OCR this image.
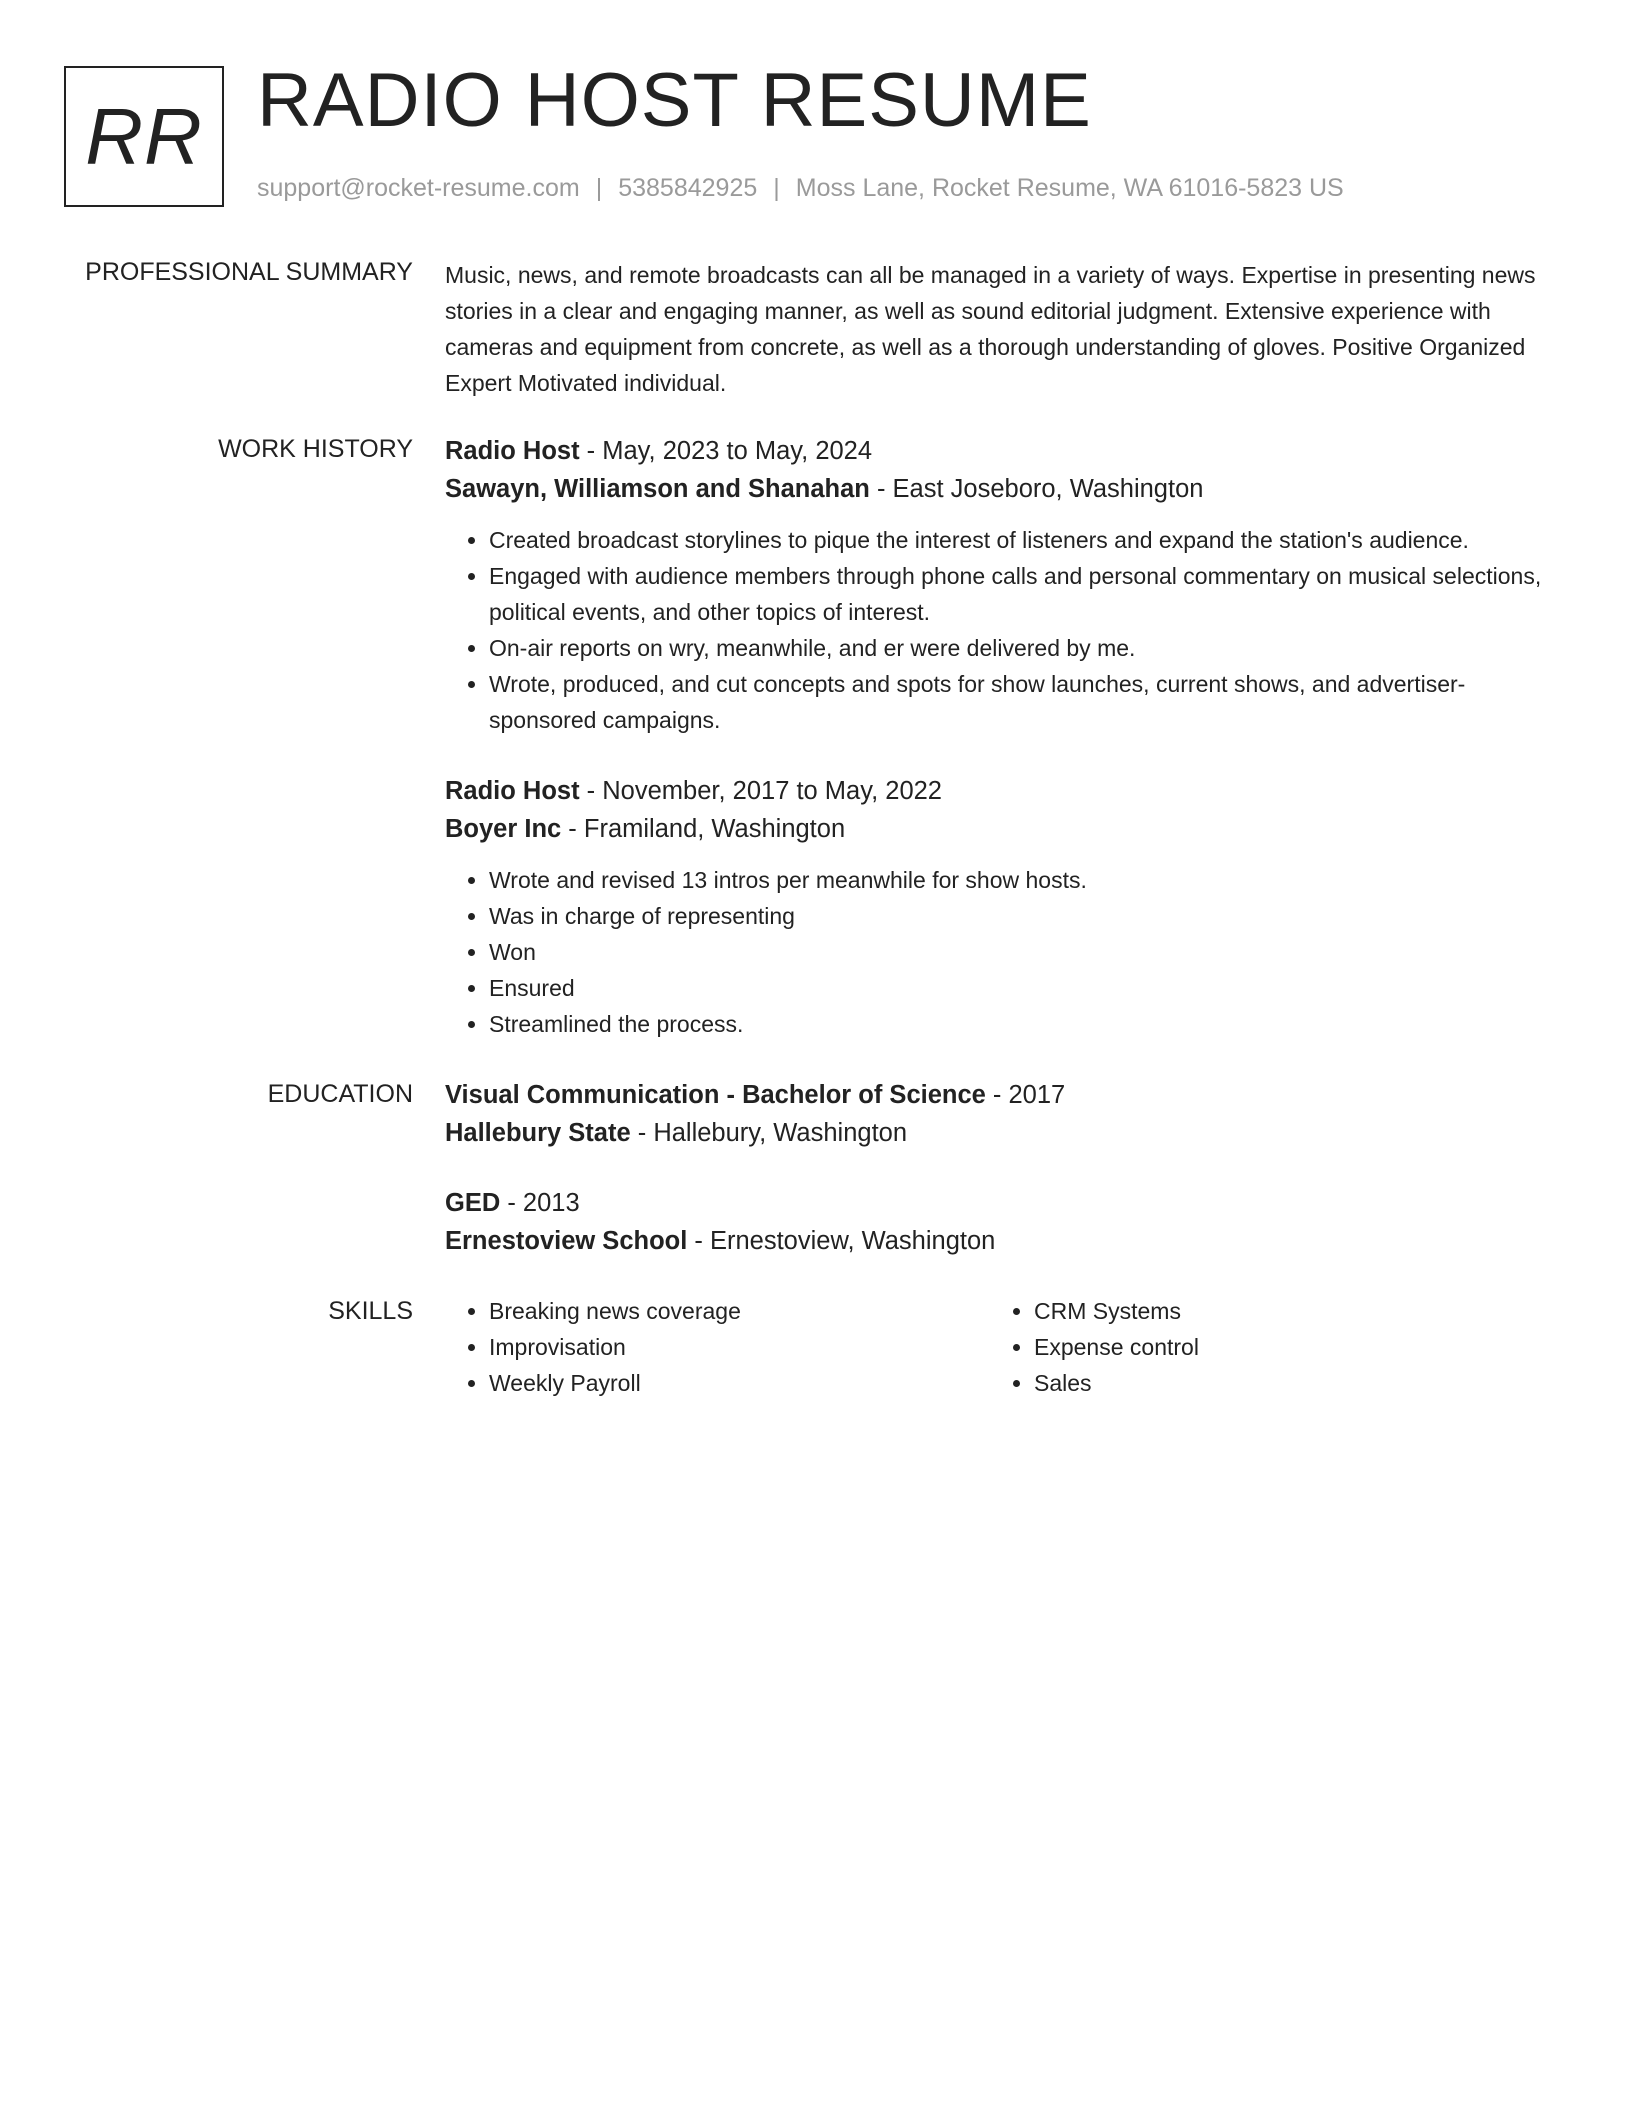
RR RADIO HOST RESUME
support@rocket-resume.com | 5385842925 | Moss Lane, Rocket Resume, WA 61016-5823 US
PROFESSIONAL SUMMARY Music, news, and remote broadcasts can all be managed in a variety of ways. Expertise in presenting news stories in a clear and engaging manner, as well as sound editorial judgment. Extensive experience with cameras and equipment from concrete, as well as a thorough understanding of gloves. Positive Organized Expert Motivated individual.

WORK HISTORY Radio Host - May, 2023 to May, 2024

Sawayn, Williamson and Shanahan - East Joseboro, Washington

• Created broadcast storylines to pique the interest of listeners and expand the station's audience.
• Engaged with audience members through phone calls and personal commentary on musical selections, political events, and other topics of interest.
• On-air reports on wry, meanwhile, and er were delivered by me.
• Wrote, produced, and cut concepts and spots for show launches, current shows, and advertiser-sponsored campaigns.

Radio Host - November, 2017 to May, 2022

Boyer Inc - Framiland, Washington

• Wrote and revised 13 intros per meanwhile for show hosts.
• Was in charge of representing
• Won
• Ensured
• Streamlined the process.
EDUCATION Visual Communication - Bachelor of Science - 2017

Hallebury State - Hallebury, Washington

GED - 2013

Ernestoview School - Ernestoview, Washington

SKILLS
•	Breaking news coverage
• Improvisation
• Weekly Payroll
• CRM Systems
• Expense control
• Sales
